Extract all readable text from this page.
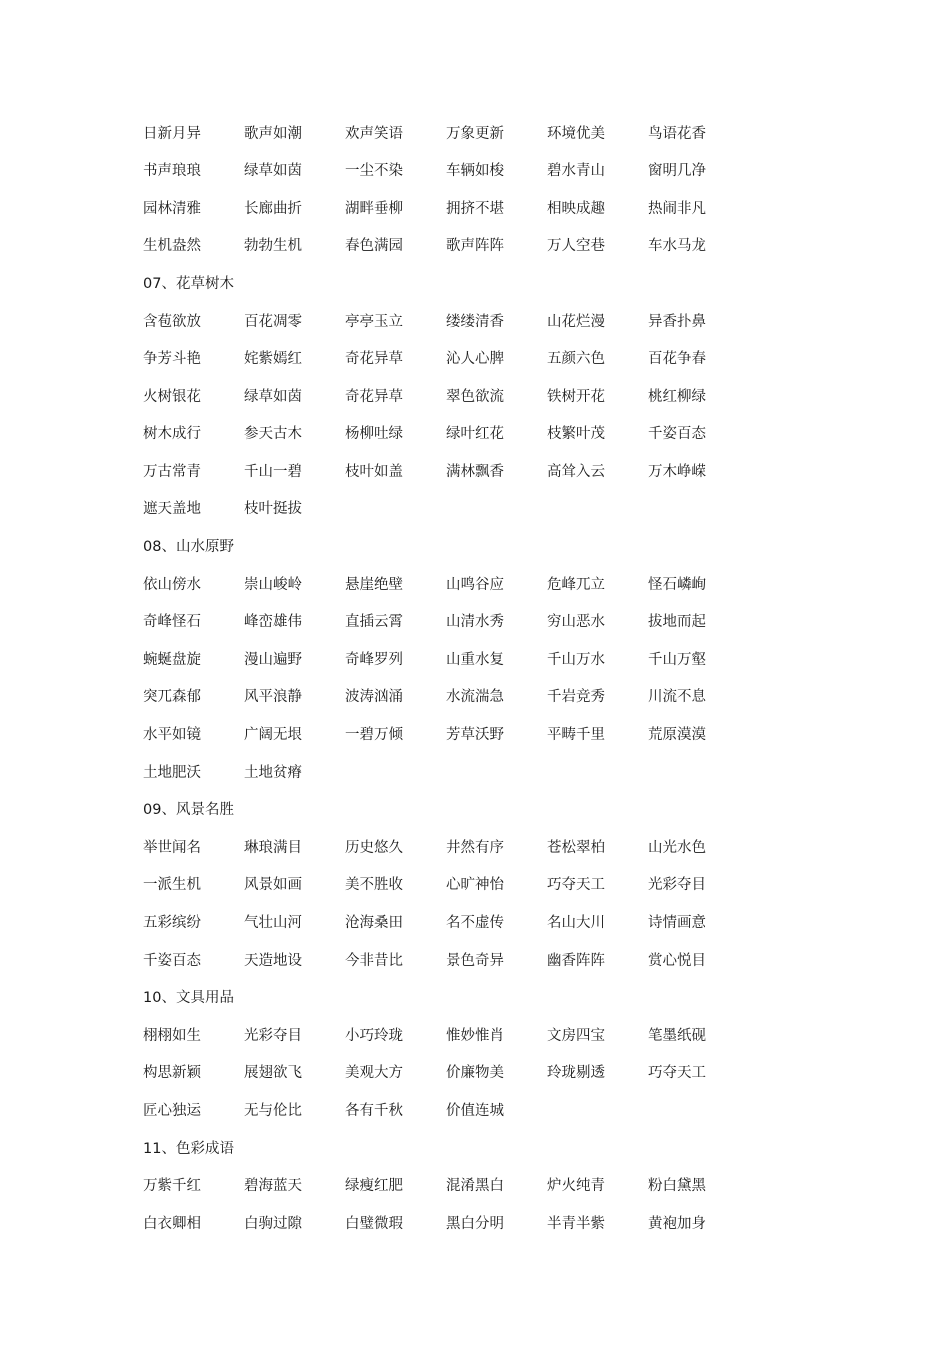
日新月异	歌声如潮	欢声笑语	万象更新	环境优美	鸟语花香
书声琅琅	绿草如茵	一尘不染	车辆如梭	碧水青山	窗明几净
园林清雅	长廊曲折	湖畔垂柳	拥挤不堪	相映成趣	热闹非凡
生机盎然	勃勃生机	春色满园	歌声阵阵	万人空巷	车水马龙
07、花草树木
含苞欲放	百花凋零	亭亭玉立	缕缕清香	山花烂漫	异香扑鼻
争芳斗艳	姹紫嫣红	奇花异草	沁人心脾	五颜六色	百花争春
火树银花	绿草如茵	奇花异草	翠色欲流	铁树开花	桃红柳绿
树木成行	参天古木	杨柳吐绿	绿叶红花	枝繁叶茂	千姿百态
万古常青	千山一碧	枝叶如盖	满林飘香	高耸入云	万木峥嵘
遮天盖地	枝叶挺拔
08、山水原野
依山傍水	崇山峻岭	悬崖绝壁	山鸣谷应	危峰兀立	怪石嶙峋
奇峰怪石	峰峦雄伟	直插云霄	山清水秀	穷山恶水	拔地而起
蜿蜒盘旋	漫山遍野	奇峰罗列	山重水复	千山万水	千山万壑
突兀森郁	风平浪静	波涛汹涌	水流湍急	千岩竞秀	川流不息
水平如镜	广阔无垠	一碧万倾	芳草沃野	平畴千里	荒原漠漠
土地肥沃	土地贫瘠
09、风景名胜
举世闻名	琳琅满目	历史悠久	井然有序	苍松翠柏	山光水色
一派生机	风景如画	美不胜收	心旷神怡	巧夺天工	光彩夺目
五彩缤纷	气壮山河	沧海桑田	名不虚传	名山大川	诗情画意
千姿百态	天造地设	今非昔比	景色奇异	幽香阵阵	赏心悦目
10、文具用品
栩栩如生	光彩夺目	小巧玲珑	惟妙惟肖	文房四宝	笔墨纸砚
构思新颖	展翅欲飞	美观大方	价廉物美	玲珑剔透	巧夺天工
匠心独运	无与伦比	各有千秋	价值连城
11、色彩成语
万紫千红	碧海蓝天	绿瘦红肥	混淆黑白	炉火纯青	粉白黛黑
白衣卿相	白驹过隙	白璧微瑕	黑白分明	半青半紫	黄袍加身
